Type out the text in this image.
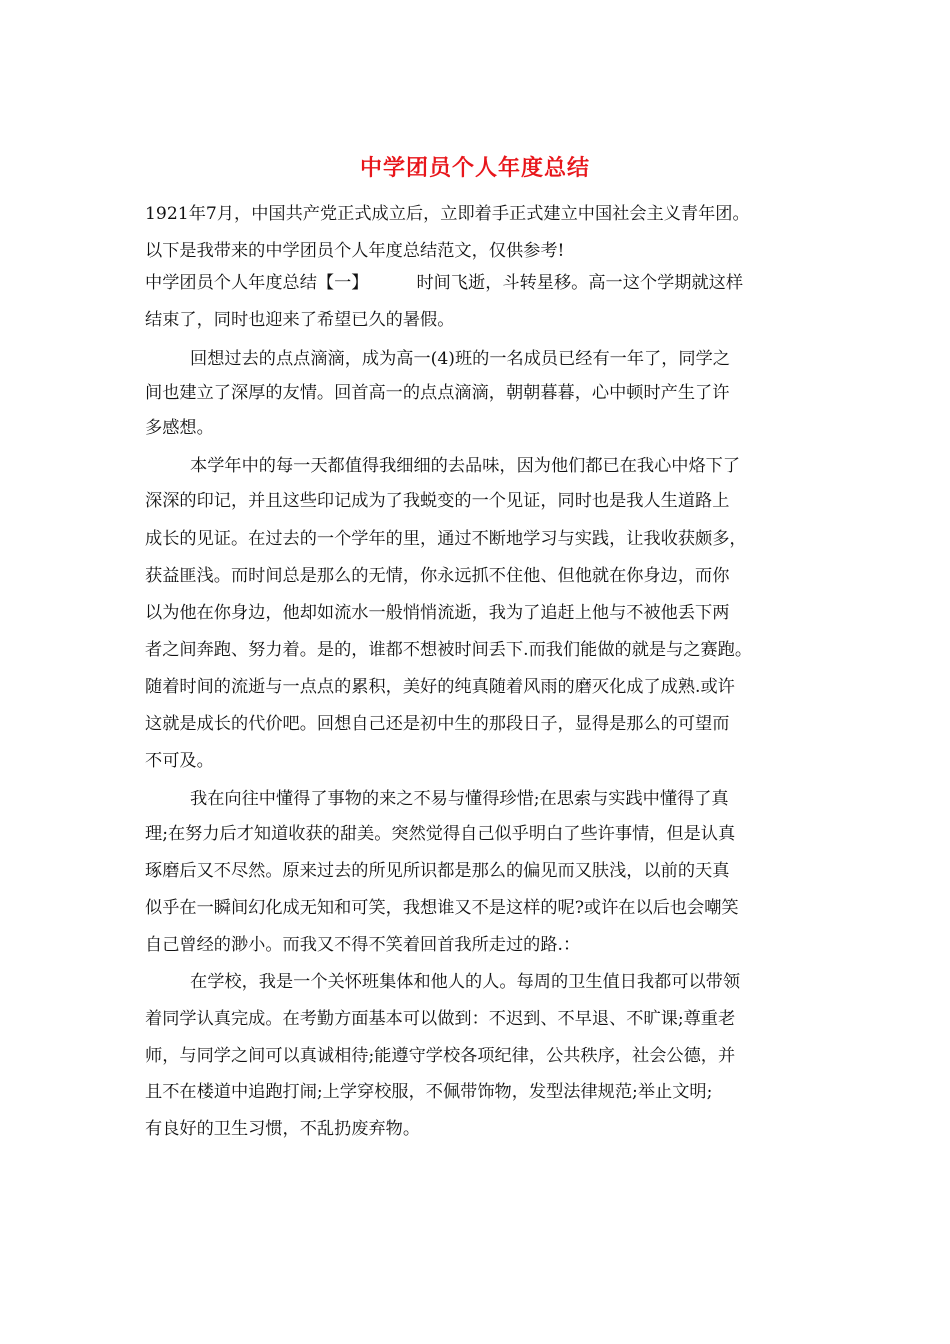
中学团员个人年度总结
1921年7月，中国共产党正式成立后，立即着手正式建立中国社会主义青年团。
以下是我带来的中学团员个人年度总结范文，仅供参考!
中学团员个人年度总结【一】	时间飞逝，斗转星移。高一这个学期就这样
结束了，同时也迎来了希望已久的暑假。
回想过去的点点滴滴，成为高一(4)班的一名成员已经有一年了，同学之
间也建立了深厚的友情。回首高一的点点滴滴，朝朝暮暮，心中顿时产生了许
多感想。
本学年中的每一天都值得我细细的去品味，因为他们都已在我心中烙下了
深深的印记，并且这些印记成为了我蜕变的一个见证，同时也是我人生道路上
成长的见证。在过去的一个学年的里，通过不断地学习与实践，让我收获颇多，
获益匪浅。而时间总是那么的无情，你永远抓不住他、但他就在你身边，而你
以为他在你身边，他却如流水一般悄悄流逝，我为了追赶上他与不被他丢下两
者之间奔跑、努力着。是的，谁都不想被时间丢下.而我们能做的就是与之赛跑。
随着时间的流逝与一点点的累积，美好的纯真随着风雨的磨灭化成了成熟.或许
这就是成长的代价吧。回想自己还是初中生的那段日子，显得是那么的可望而
不可及。
我在向往中懂得了事物的来之不易与懂得珍惜;在思索与实践中懂得了真
理;在努力后才知道收获的甜美。突然觉得自己似乎明白了些许事情，但是认真
琢磨后又不尽然。原来过去的所见所识都是那么的偏见而又肤浅，以前的天真
似乎在一瞬间幻化成无知和可笑，我想谁又不是这样的呢?或许在以后也会嘲笑
自己曾经的渺小。而我又不得不笑着回首我所走过的路.：
在学校，我是一个关怀班集体和他人的人。每周的卫生值日我都可以带领
着同学认真完成。在考勤方面基本可以做到：不迟到、不早退、不旷课;尊重老
师，与同学之间可以真诚相待;能遵守学校各项纪律，公共秩序，社会公德，并
且不在楼道中追跑打闹;上学穿校服，不佩带饰物，发型法律规范;举止文明;
有良好的卫生习惯，不乱扔废弃物。
